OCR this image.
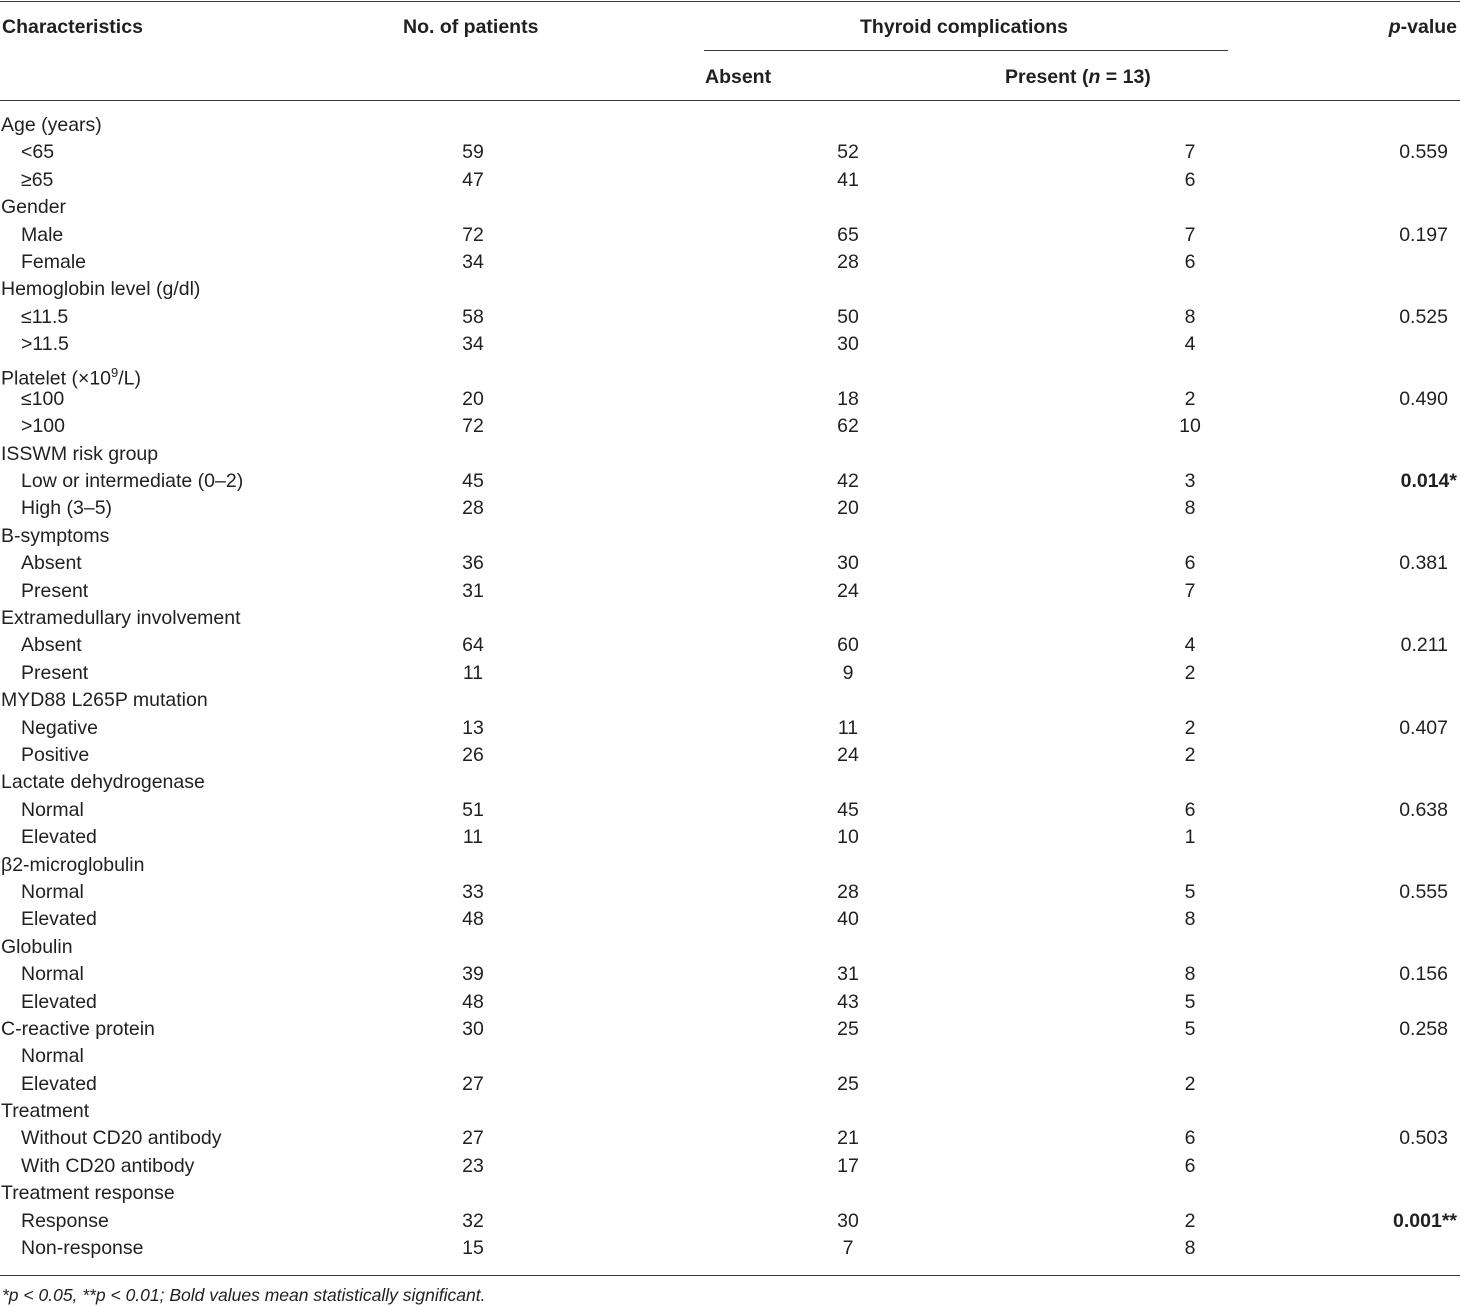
Characteristics	No. of patients	Thyroid complications	p-value
Absent	Present (n = 13)
Age (years)
<65	59	52	7	0.559
≥65	47	41	6
Gender
Male	72	65	7	0.197
Female	34	28	6
Hemoglobin level (g/dl)
≤11.5	58	50	8	0.525
>11.5	34	30	4
Platelet $(\times 10^9/L)$
≤100	20	18	2	0.490
>100	72	62	10
ISSWM risk group
Low or intermediate (0–2)	45	42	3	0.014*
High (3–5)	28	20	8
B-symptoms
Absent	36	30	6	0.381
Present	31	24	7
Extramedullary involvement
Absent	64	60	4	0.211
Present	11	9	2
MYD88 L265P mutation
Negative	13	11	2	0.407
Positive	26	24	2
Lactate dehydrogenase
Normal	51	45	6	0.638
Elevated	11	10	1
β2-microglobulin
Normal	33	28	5	0.555
Elevated	48	40	8
Globulin
Normal	39	31	8	0.156
Elevated	48	43	5
C-reactive protein	30	25	5	0.258
Normal
Elevated	27	25	2
Treatment
Without CD20 antibody	27	21	6	0.503
With CD20 antibody	23	17	6
Treatment response
Response	32	30	2	0.001**
Non-response	15	7	8
*p < 0.05, **p < 0.01; Bold values mean statistically significant.
